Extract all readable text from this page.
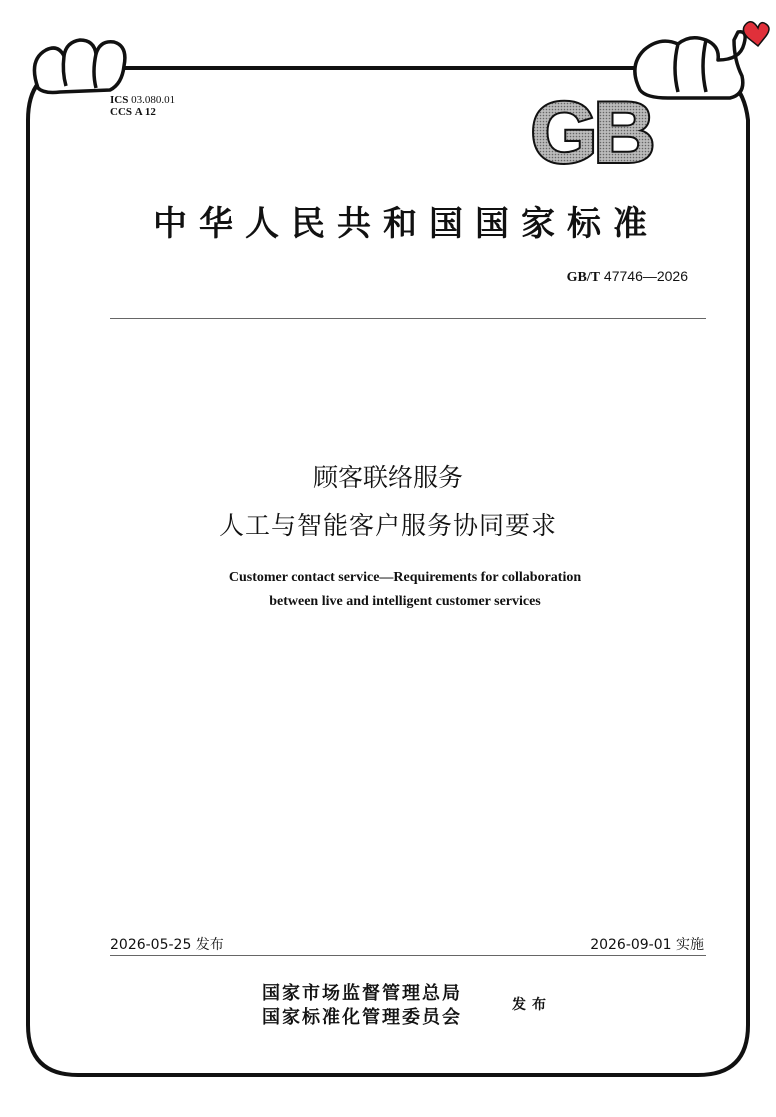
ICS 03.080.01
CCS A 12	GB
中华人民共和国国家标准
GB/T 47746—2026
顾客联络服务
人工与智能客户服务协同要求
Customer contact service—Requirements for collaboration
between live and intelligent customer services
2026-05-25 发布	2026-09-01 实施
国家市场监督管理总局
国家标准化管理委员会
发布
